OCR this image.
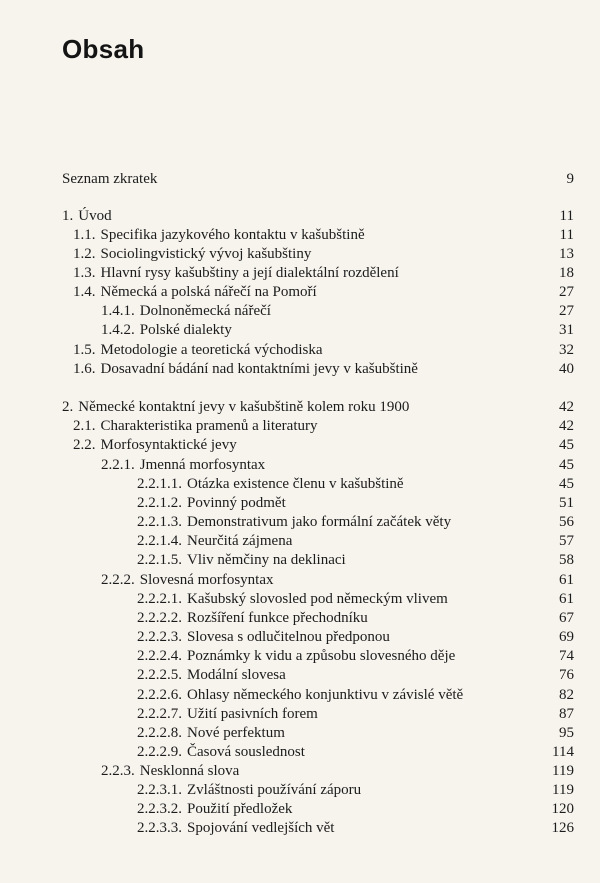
Obsah
Seznam zkratek	9
1. Úvod	11
1.1. Specifika jazykového kontaktu v kašubštině	11
1.2. Sociolingvistický vývoj kašubštiny	13
1.3. Hlavní rysy kašubštiny a její dialektální rozdělení	18
1.4. Německá a polská nářečí na Pomoří	27
1.4.1. Dolnoněmecká nářečí	27
1.4.2. Polské dialekty	31
1.5. Metodologie a teoretická východiska	32
1.6. Dosavadní bádání nad kontaktními jevy v kašubštině	40
2. Německé kontaktní jevy v kašubštině kolem roku 1900	42
2.1. Charakteristika pramenů a literatury	42
2.2. Morfosyntaktické jevy	45
2.2.1. Jmenná morfosyntax	45
2.2.1.1. Otázka existence členu v kašubštině	45
2.2.1.2. Povinný podmět	51
2.2.1.3. Demonstrativum jako formální začátek věty	56
2.2.1.4. Neurčitá zájmena	57
2.2.1.5. Vliv němčiny na deklinaci	58
2.2.2. Slovesná morfosyntax	61
2.2.2.1. Kašubský slovosled pod německým vlivem	61
2.2.2.2. Rozšíření funkce přechodníku	67
2.2.2.3. Slovesa s odlučitelnou předponou	69
2.2.2.4. Poznámky k vidu a způsobu slovesného děje	74
2.2.2.5. Modální slovesa	76
2.2.2.6. Ohlasy německého konjunktivu v závislé větě	82
2.2.2.7. Užití pasivních forem	87
2.2.2.8. Nové perfektum	95
2.2.2.9. Časová souslednost	114
2.2.3. Nesklonná slova	119
2.2.3.1. Zvláštnosti používání záporu	119
2.2.3.2. Použití předložek	120
2.2.3.3. Spojování vedlejších vět	126
